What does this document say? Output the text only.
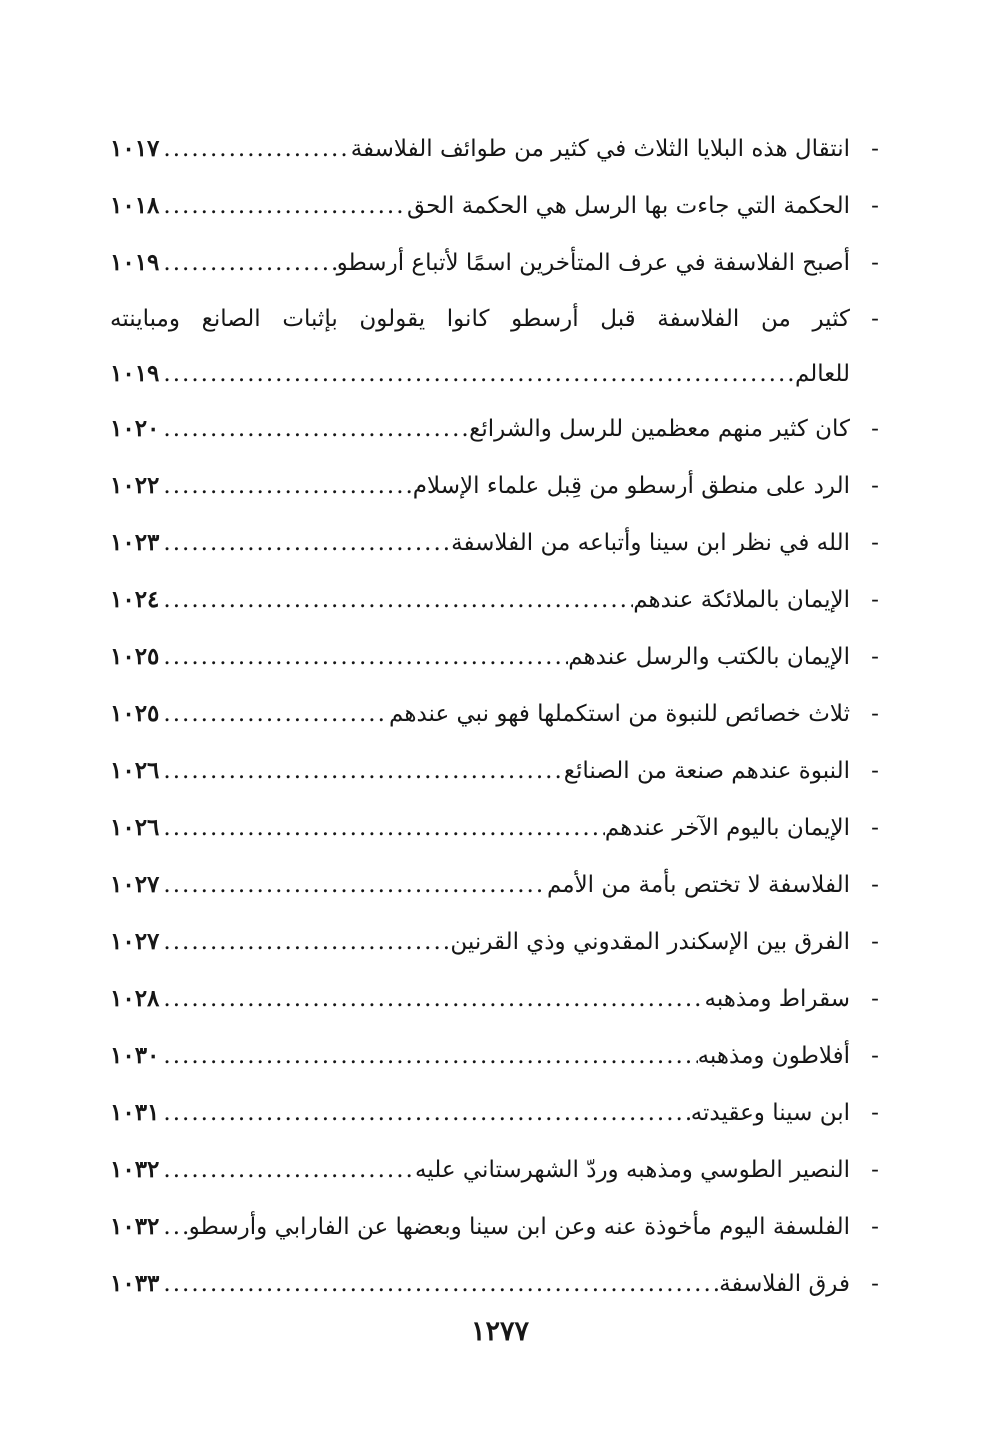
-
انتقال هذه البلايا الثلاث في كثير من طوائف الفلاسفة
.....
١٠١٧
-
الحكمة التي جاءت بها الرسل هي الحكمة الحق
.....
١٠١٨
-
أصبح الفلاسفة في عرف المتأخرين اسمًا لأتباع أرسطو
.....
١٠١٩
-
كثير من الفلاسفة قبل أرسطو كانوا يقولون بإثبات الصانع ومباينته
للعالم
.....
١٠١٩
-
كان كثير منهم معظمين للرسل والشرائع
.....
١٠٢٠
-
الرد على منطق أرسطو من قِبل علماء الإسلام
.....
١٠٢٢
-
الله في نظر ابن سينا وأتباعه من الفلاسفة
.....
١٠٢٣
-
الإيمان بالملائكة عندهم
.....
١٠٢٤
-
الإيمان بالكتب والرسل عندهم
.....
١٠٢٥
-
ثلاث خصائص للنبوة من استكملها فهو نبي عندهم
.....
١٠٢٥
-
النبوة عندهم صنعة من الصنائع
.....
١٠٢٦
-
الإيمان باليوم الآخر عندهم
.....
١٠٢٦
-
الفلاسفة لا تختص بأمة من الأمم
.....
١٠٢٧
-
الفرق بين الإسكندر المقدوني وذي القرنين
.....
١٠٢٧
-
سقراط ومذهبه
.....
١٠٢٨
-
أفلاطون ومذهبه
.....
١٠٣٠
-
ابن سينا وعقيدته
.....
١٠٣١
-
النصير الطوسي ومذهبه وردّ الشهرستاني عليه
.....
١٠٣٢
-
الفلسفة اليوم مأخوذة عنه وعن ابن سينا وبعضها عن الفارابي وأرسطو
.....
١٠٣٢
-
فرق الفلاسفة
.....
١٠٣٣
١٢٧٧
